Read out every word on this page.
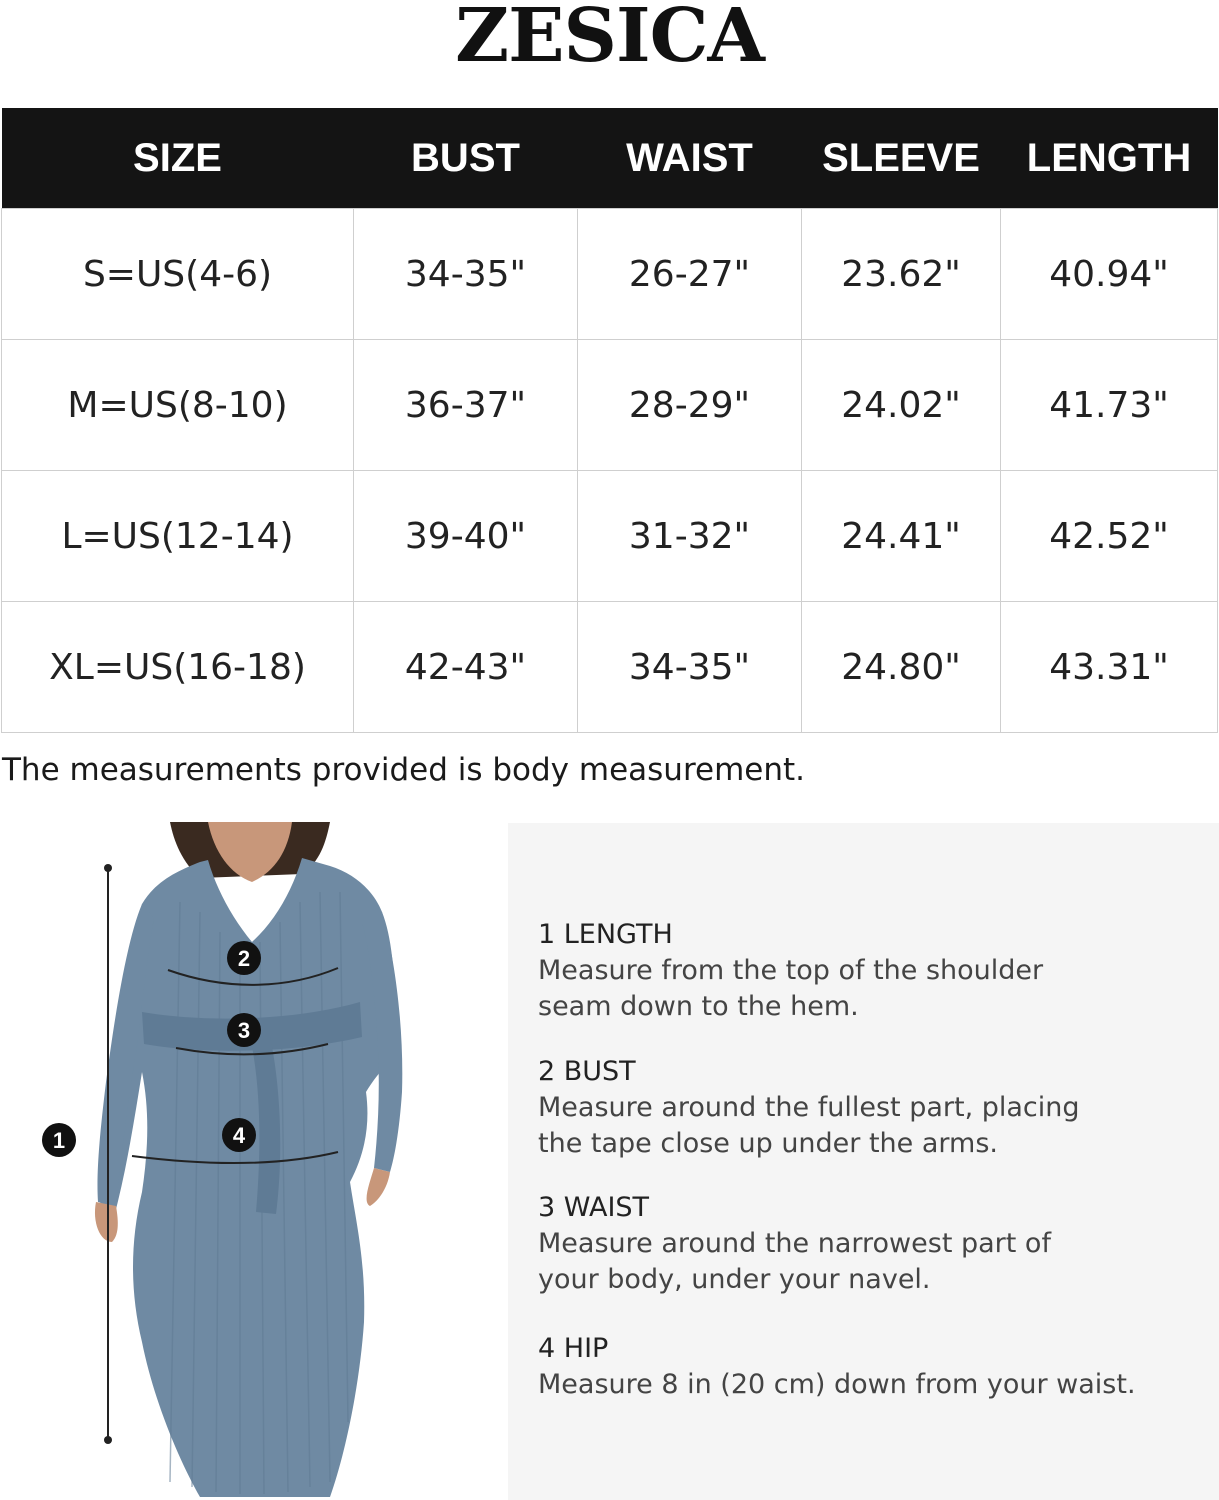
ZESICA
SIZE	BUST	WAIST	SLEEVE	LENGTH
S=US(4-6)	34-35"	26-27"	23.62"	40.94"
M=US(8-10)	36-37"	28-29"	24.02"	41.73"
L=US(12-14)	39-40"	31-32"	24.41"	42.52"
XL=US(16-18)	42-43"	34-35"	24.80"	43.31"
The measurements provided is body measurement.
1
2
3
4
1 LENGTH
Measure from the top of the shoulder
seam down to the hem.
2 BUST
Measure around the fullest part, placing
the tape close up under the arms.
3 WAIST
Measure around the narrowest part of
your body, under your navel.
4 HIP
Measure 8 in (20 cm) down from your waist.
